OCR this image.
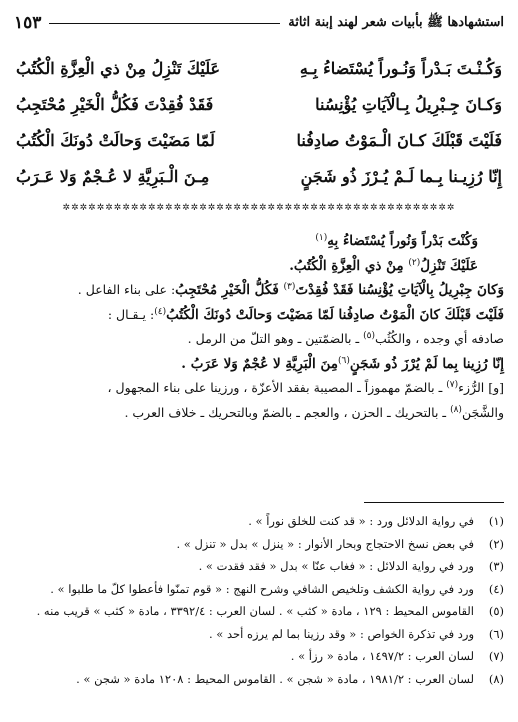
استشهادها ﷺ بأبيات شعر لهند إبنة اثاثة
١٥٣
وَكُـنْـتَ بَـدْراً وَنُـوراً يُسْتَضاءُ بِـهِ
عَلَيْكَ تَنْزِلُ مِنْ ذي الْعِزَّةِ الْكُتُبُ
وَكـانَ جِـبْرِيلُ بِـالْآيَاتِ يُؤْنِسُنا
فَقَدْ فُقِدْتَ فَكُلُّ الْخَيْرِ مُحْتَجِبُ
فَلَيْتَ قَبْلَكَ كـانَ الْـمَوْتُ صادِفُنا
لَمّا مَضَيْتَ وَحالَتْ دُونَكَ الْكُتُبُ
إِنّا رُزِيـنا بِـما لَـمْ يُـرْزَ ذُو شَجَنٍ
مِـنَ الْـبَرِيَّةِ لا عُـجْمٌ وَلا عَـرَبُ
✲✲✲✲✲✲✲✲✲✲✲✲✲✲✲✲✲✲✲✲✲✲✲✲✲✲✲✲✲✲✲✲✲✲✲✲✲✲✲✲✲✲✲✲✲✲
وَكُنْتَ بَدْراً وَنُوراً يُسْتَضاءُ بِهِ$^{(١)}$
عَلَيْكَ تَنْزِلُ$^{(٢)}$ مِنْ ذي الْعِزَّةِ الْكُتُبُ.
وَكانَ جِبْرِيلُ بِالْآيَاتِ يُؤْنِسُنا فَقَدْ فُقِدْتَ$^{(٣)}$ فَكُلُّ الْخَيْرِ مُحْتَجِبُ: على بناء الفاعل .
فَلَيْتَ قَبْلَكَ كانَ الْمَوْتُ صادِفُنا لَمّا مَضَيْتَ وَحالَتْ دُونَكَ الْكُتُبُ$^{(٤)}$: يـقـال :
صادفه أي وجده ، والكُثُب$^{(٥)}$ ـ بالضمّتين ـ وهو التلّ من الرمل .
إِنّا رُزِينا بِما لَمْ يُرْزَ ذُو شَجَنٍ$^{(٦)}$مِنَ الْبَرِيَّةِ لا عُجْمٌ وَلا عَرَبُ .
[و] الرُّزء$^{(٧)}$ ـ بالضمّ مهموزاً ـ المصيبة بفقد الأعزّة ، ورزينا على بناء المجهول ،
والشَّجَن$^{(٨)}$ ـ بالتحريك ـ الحزن ، والعجم ـ بالضمّ وبالتحريك ـ خلاف العرب .
(١)
في رواية الدلائل ورد : « قد كنت للخلق نوراً » .
(٢)
في بعض نسخ الاحتجاج وبحار الأنوار : « ينزل » بدل « تنزل » .
(٣)
ورد في رواية الدلائل : « فغاب عنّا » بدل « فقد فقدت » .
(٤)
ورد في رواية الكشف وتلخيص الشافي وشرح النهج : « قوم تمنّوا فأعطوا كلّ ما طلبوا » .
(٥)
القاموس المحيط : ١٢٩ ، مادة « كثب » . لسان العرب : ٣٣٩٢/٤ ، مادة « كثب » قريب منه .
(٦)
ورد في تذكرة الخواص : « وقد رزينا بما لم يرزه أحد » .
(٧)
لسان العرب : ١٤٩٧/٢ ، مادة « رزأ » .
(٨)
لسان العرب : ١٩٨١/٢ ، مادة « شجن » . القاموس المحيط : ١٢٠٨ مادة « شجن » .
